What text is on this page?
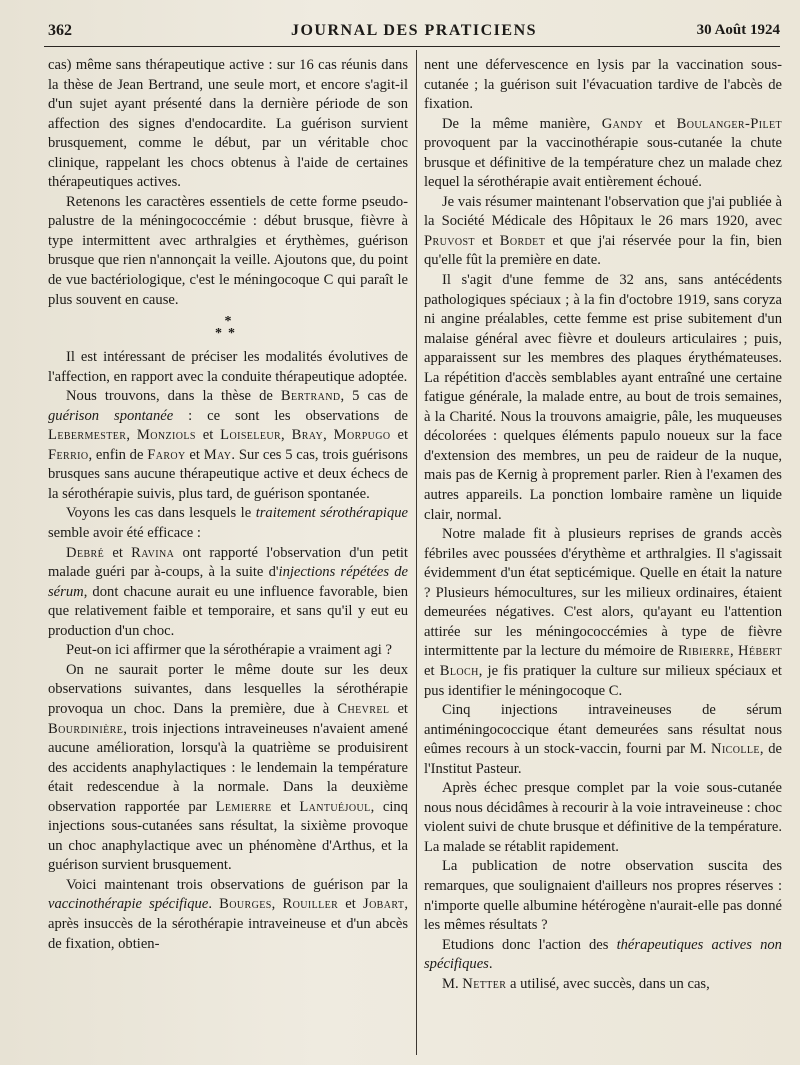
362	JOURNAL DES PRATICIENS	30 Août 1924

cas) même sans thérapeutique active : sur 16 cas réunis dans la thèse de Jean Bertrand, une seule mort, et encore s'agit-il d'un sujet ayant présenté dans la dernière période de son affection des signes d'endocardite. La guérison survient brusquement, comme le début, par un véritable choc clinique, rappelant les chocs obtenus à l'aide de certaines thérapeutiques actives.

Retenons les caractères essentiels de cette forme pseudo-palustre de la méningococcémie : début brusque, fièvre à type intermittent avec arthralgies et érythèmes, guérison brusque que rien n'annonçait la veille. Ajoutons que, du point de vue bactériologique, c'est le méningocoque C qui paraît le plus souvent en cause.

*
**

Il est intéressant de préciser les modalités évolutives de l'affection, en rapport avec la conduite thérapeutique adoptée.

Nous trouvons, dans la thèse de Bertrand, 5 cas de guérison spontanée : ce sont les observations de Lebermester, Monziols et Loiseleur, Bray, Morpugo et Ferrio, enfin de Faroy et May. Sur ces 5 cas, trois guérisons brusques sans aucune thérapeutique active et deux échecs de la sérothérapie suivis, plus tard, de guérison spontanée.

Voyons les cas dans lesquels le traitement sérothérapique semble avoir été efficace :

Debré et Ravina ont rapporté l'observation d'un petit malade guéri par à-coups, à la suite d'injections répétées de sérum, dont chacune aurait eu une influence favorable, bien que relativement faible et temporaire, et sans qu'il y eut eu production d'un choc.

Peut-on ici affirmer que la sérothérapie a vraiment agi ?

On ne saurait porter le même doute sur les deux observations suivantes, dans lesquelles la sérothérapie provoqua un choc. Dans la première, due à Chevrel et Bourdinière, trois injections intraveineuses n'avaient amené aucune amélioration, lorsqu'à la quatrième se produisirent des accidents anaphylactiques : le lendemain la température était redescendue à la normale. Dans la deuxième observation rapportée par Lemierre et Lantuéjoul, cinq injections sous-cutanées sans résultat, la sixième provoque un choc anaphylactique avec un phénomène d'Arthus, et la guérison survient brusquement.

Voici maintenant trois observations de guérison par la vaccinothérapie spécifique. Bourges, Rouiller et Jobart, après insuccès de la sérothérapie intraveineuse et d'un abcès de fixation, obtien-

nent une défervescence en lysis par la vaccination sous-cutanée ; la guérison suit l'évacuation tardive de l'abcès de fixation.

De la même manière, Gandy et Boulanger-Pilet provoquent par la vaccinothérapie sous-cutanée la chute brusque et définitive de la température chez un malade chez lequel la sérothérapie avait entièrement échoué.

Je vais résumer maintenant l'observation que j'ai publiée à la Société Médicale des Hôpitaux le 26 mars 1920, avec Pruvost et Bordet et que j'ai réservée pour la fin, bien qu'elle fût la première en date.

Il s'agit d'une femme de 32 ans, sans antécédents pathologiques spéciaux ; à la fin d'octobre 1919, sans coryza ni angine préalables, cette femme est prise subitement d'un malaise général avec fièvre et douleurs articulaires ; puis, apparaissent sur les membres des plaques érythémateuses. La répétition d'accès semblables ayant entraîné une certaine fatigue générale, la malade entre, au bout de trois semaines, à la Charité. Nous la trouvons amaigrie, pâle, les muqueuses décolorées : quelques éléments papulo noueux sur la face d'extension des membres, un peu de raideur de la nuque, mais pas de Kernig à proprement parler. Rien à l'examen des autres appareils. La ponction lombaire ramène un liquide clair, normal.

Notre malade fit à plusieurs reprises de grands accès fébriles avec poussées d'érythème et arthralgies. Il s'agissait évidemment d'un état septicémique. Quelle en était la nature ? Plusieurs hémocultures, sur les milieux ordinaires, étaient demeurées négatives. C'est alors, qu'ayant eu l'attention attirée sur les méningococcémies à type de fièvre intermittente par la lecture du mémoire de Ribierre, Hébert et Bloch, je fis pratiquer la culture sur milieux spéciaux et pus identifier le méningocoque C.

Cinq injections intraveineuses de sérum antiméningococcique étant demeurées sans résultat nous eûmes recours à un stock-vaccin, fourni par M. Nicolle, de l'Institut Pasteur.

Après échec presque complet par la voie sous-cutanée nous nous décidâmes à recourir à la voie intraveineuse : choc violent suivi de chute brusque et définitive de la température. La malade se rétablit rapidement.

La publication de notre observation suscita des remarques, que soulignaient d'ailleurs nos propres réserves : n'importe quelle albumine hétérogène n'aurait-elle pas donné les mêmes résultats ?

Etudions donc l'action des thérapeutiques actives non spécifiques.

M. Netter a utilisé, avec succès, dans un cas,
